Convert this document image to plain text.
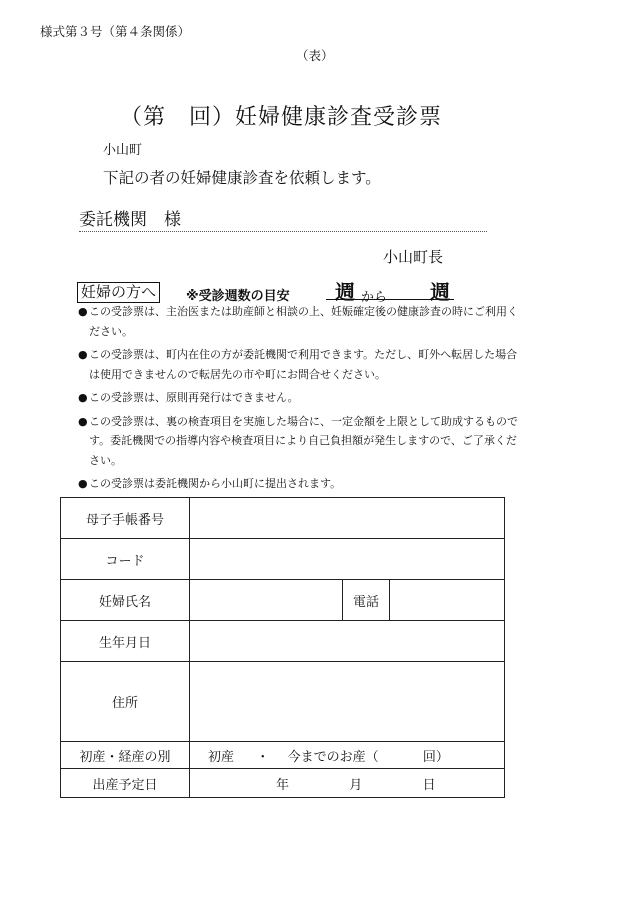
様式第３号（第４条関係）
（表）
（第　回）妊婦健康診査受診票
小山町
下記の者の妊婦健康診査を依頼します。
委託機関　様
小山町長
妊婦の方へ	※受診週数の目安 週 から 週
● この受診票は、主治医または助産師と相談の上、妊娠確定後の健康診査の時にご利用ください。
● この受診票は、町内在住の方が委託機関で利用できます。ただし、町外へ転居した場合は使用できませんので転居先の市や町にお問合せください。
● この受診票は、原則再発行はできません。
● この受診票は、裏の検査項目を実施した場合に、一定金額を上限として助成するものです。委託機関での指導内容や検査項目により自己負担額が発生しますので、ご了承ください。
● この受診票は委託機関から小山町に提出されます。
母子手帳番号			
コード			
妊婦氏名		電話	
生年月日			
住所			
初産・経産の別	初産 ・ 今までのお産（ 回）		
出産予定日	年 月 日		
